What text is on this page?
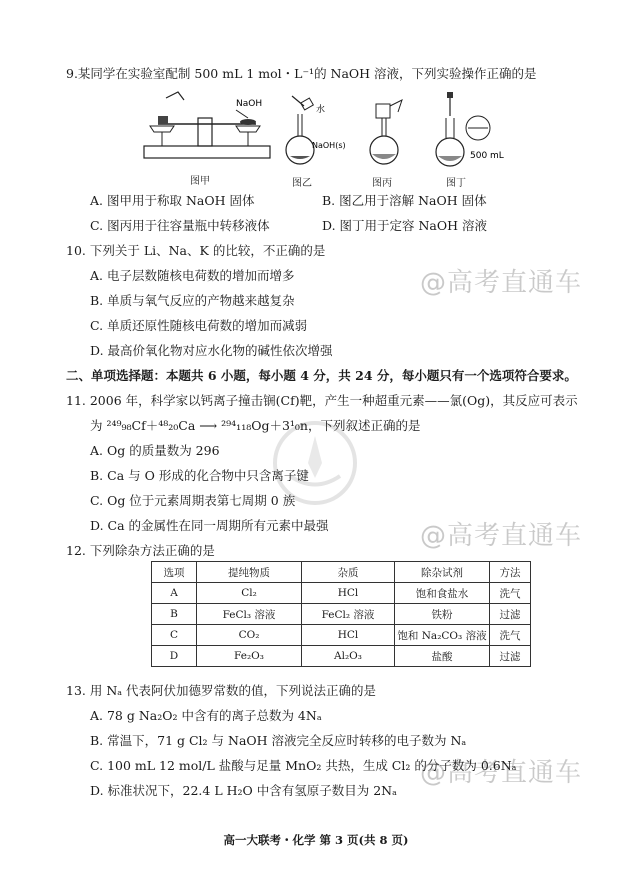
@高考直通车
@高考直通车
@高考直通车
9.某同学在实验室配制 500 mL 1 mol・L⁻¹的 NaOH 溶液，下列实验操作正确的是
NaOH
图甲
水
NaOH(s)
图乙	图丙
500 mL
图丁
A. 图甲用于称取 NaOH 固体	B. 图乙用于溶解 NaOH 固体
C. 图丙用于往容量瓶中转移液体	D. 图丁用于定容 NaOH 溶液
10. 下列关于 Li、Na、K 的比较，不正确的是
A. 电子层数随核电荷数的增加而增多
B. 单质与氧气反应的产物越来越复杂
C. 单质还原性随核电荷数的增加而减弱
D. 最高价氧化物对应水化物的碱性依次增强
二、单项选择题：本题共 6 小题，每小题 4 分，共 24 分，每小题只有一个选项符合要求。
11. 2006 年，科学家以钙离子撞击锎(Cf)靶，产生一种超重元素——氯(Og)，其反应可表示
为 ²⁴⁹₉₈Cf＋⁴⁸₂₀Ca ⟶ ²⁹⁴₁₁₈Og＋3¹₀n，下列叙述正确的是
A. Og 的质量数为 296
B. Ca 与 O 形成的化合物中只含离子键
C. Og 位于元素周期表第七周期 0 族
D. Ca 的金属性在同一周期所有元素中最强
12. 下列除杂方法正确的是
选项	提纯物质	杂质	除杂试剂	方法
A	Cl₂	HCl	饱和食盐水	洗气
B	FeCl₃ 溶液	FeCl₂ 溶液	铁粉	过滤
C	CO₂	HCl	饱和 Na₂CO₃ 溶液	洗气
D	Fe₂O₃	Al₂O₃	盐酸	过滤
13. 用 Nₐ 代表阿伏加德罗常数的值，下列说法正确的是
A. 78 g Na₂O₂ 中含有的离子总数为 4Nₐ
B. 常温下，71 g Cl₂ 与 NaOH 溶液完全反应时转移的电子数为 Nₐ
C. 100 mL 12 mol/L 盐酸与足量 MnO₂ 共热，生成 Cl₂ 的分子数为 0.6Nₐ
D. 标准状况下，22.4 L H₂O 中含有氢原子数目为 2Nₐ
高一大联考・化学 第 3 页(共 8 页)
